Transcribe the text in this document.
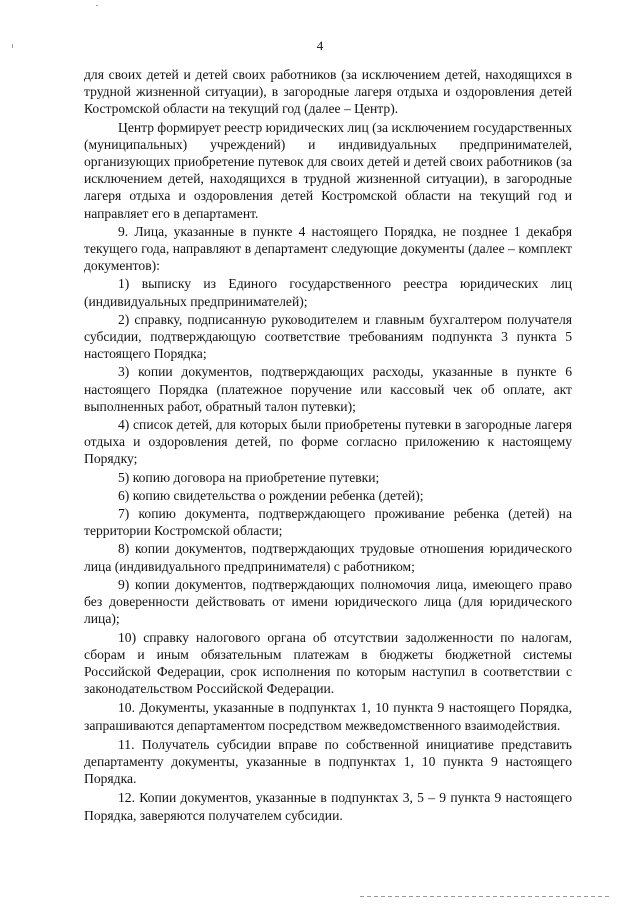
4

для своих детей и детей своих работников (за исключением детей, находящихся в трудной жизненной ситуации), в загородные лагеря отдыха и оздоровления детей Костромской области на текущий год (далее – Центр).

Центр формирует реестр юридических лиц (за исключением государственных (муниципальных) учреждений) и индивидуальных предпринимателей, организующих приобретение путевок для своих детей и детей своих работников (за исключением детей, находящихся в трудной жизненной ситуации), в загородные лагеря отдыха и оздоровления детей Костромской области на текущий год и направляет его в департамент.

9. Лица, указанные в пункте 4 настоящего Порядка, не позднее 1 декабря текущего года, направляют в департамент следующие документы (далее – комплект документов):

1) выписку из Единого государственного реестра юридических лиц (индивидуальных предпринимателей);

2) справку, подписанную руководителем и главным бухгалтером получателя субсидии, подтверждающую соответствие требованиям подпункта 3 пункта 5 настоящего Порядка;

3) копии документов, подтверждающих расходы, указанные в пункте 6 настоящего Порядка (платежное поручение или кассовый чек об оплате, акт выполненных работ, обратный талон путевки);

4) список детей, для которых были приобретены путевки в загородные лагеря отдыха и оздоровления детей, по форме согласно приложению к настоящему Порядку;

5) копию договора на приобретение путевки;

6) копию свидетельства о рождении ребенка (детей);

7) копию документа, подтверждающего проживание ребенка (детей) на территории Костромской области;

8) копии документов, подтверждающих трудовые отношения юридического лица (индивидуального предпринимателя) с работником;

9) копии документов, подтверждающих полномочия лица, имеющего право без доверенности действовать от имени юридического лица (для юридического лица);

10) справку налогового органа об отсутствии задолженности по налогам, сборам и иным обязательным платежам в бюджеты бюджетной системы Российской Федерации, срок исполнения по которым наступил в соответствии с законодательством Российской Федерации.

10. Документы, указанные в подпунктах 1, 10 пункта 9 настоящего Порядка, запрашиваются департаментом посредством межведомственного взаимодействия.

11. Получатель субсидии вправе по собственной инициативе представить департаменту документы, указанные в подпунктах 1, 10 пункта 9 настоящего Порядка.

12. Копии документов, указанные в подпунктах 3, 5 – 9 пункта 9 настоящего Порядка, заверяются получателем субсидии.
